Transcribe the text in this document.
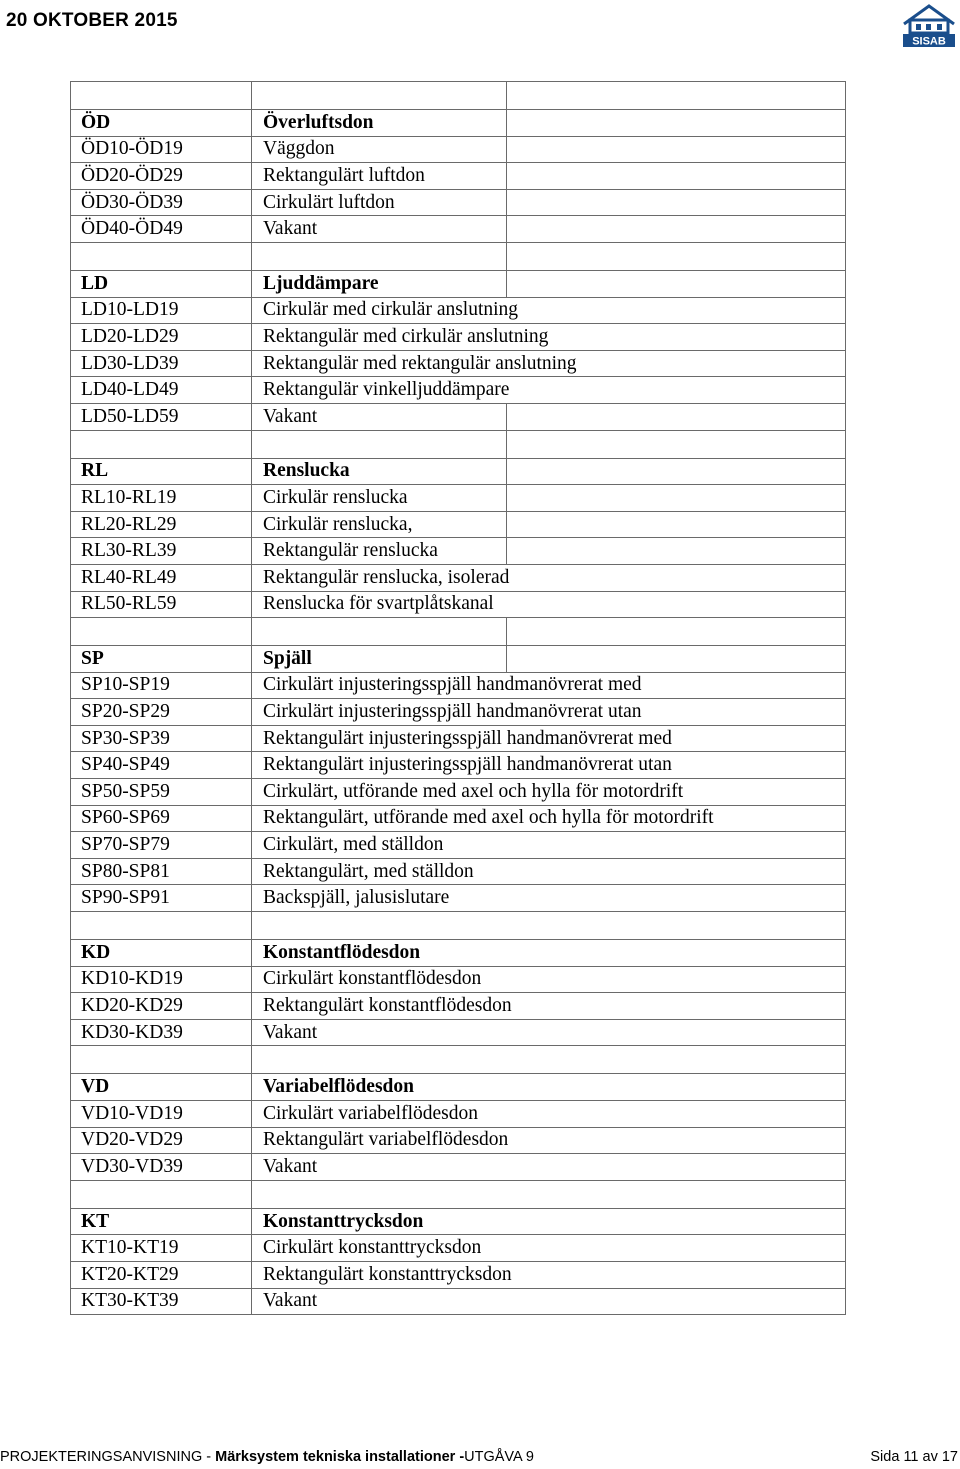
20 OKTOBER 2015
SISAB

ÖD	Överluftsdon	
ÖD10-ÖD19	Väggdon	
ÖD20-ÖD29	Rektangulärt luftdon	
ÖD30-ÖD39	Cirkulärt luftdon	
ÖD40-ÖD49	Vakant	

LD	Ljuddämpare	
LD10-LD19	Cirkulär med cirkulär anslutning	
LD20-LD29	Rektangulär med cirkulär anslutning	
LD30-LD39	Rektangulär med rektangulär anslutning	
LD40-LD49	Rektangulär vinkelljuddämpare	
LD50-LD59	Vakant	

RL	Renslucka	
RL10-RL19	Cirkulär renslucka	
RL20-RL29	Cirkulär renslucka,	
RL30-RL39	Rektangulär renslucka	
RL40-RL49	Rektangulär renslucka, isolerad	
RL50-RL59	Renslucka för svartplåtskanal	

SP	Spjäll	
SP10-SP19	Cirkulärt injusteringsspjäll handmanövrerat med	
SP20-SP29	Cirkulärt injusteringsspjäll handmanövrerat utan	
SP30-SP39	Rektangulärt injusteringsspjäll handmanövrerat med	
SP40-SP49	Rektangulärt injusteringsspjäll handmanövrerat utan	
SP50-SP59	Cirkulärt, utförande med axel och hylla för motordrift	
SP60-SP69	Rektangulärt, utförande med axel och hylla för motordrift	
SP70-SP79	Cirkulärt, med ställdon	
SP80-SP81	Rektangulärt, med ställdon	
SP90-SP91	Backspjäll, jalusislutare	

KD	Konstantflödesdon	
KD10-KD19	Cirkulärt konstantflödesdon	
KD20-KD29	Rektangulärt konstantflödesdon	
KD30-KD39	Vakant	

VD	Variabelflödesdon	
VD10-VD19	Cirkulärt variabelflödesdon	
VD20-VD29	Rektangulärt variabelflödesdon	
VD30-VD39	Vakant	

KT	Konstanttrycksdon	
KT10-KT19	Cirkulärt konstanttrycksdon	
KT20-KT29	Rektangulärt konstanttrycksdon	
KT30-KT39	Vakant	
PROJEKTERINGSANVISNING - Märksystem tekniska installationer -UTGÅVA 9	Sida 11 av 17
